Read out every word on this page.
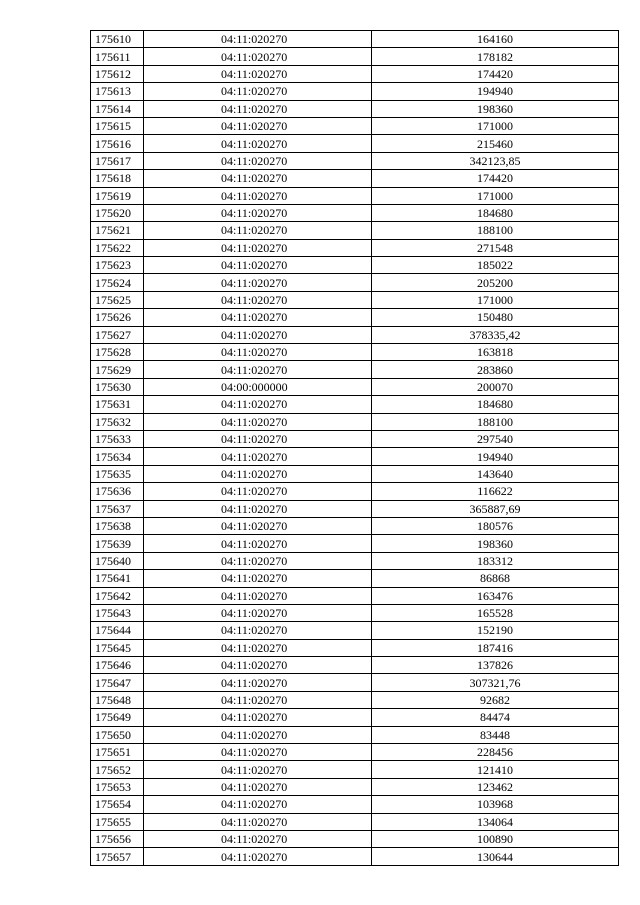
175610	04:11:020270	164160
175611	04:11:020270	178182
175612	04:11:020270	174420
175613	04:11:020270	194940
175614	04:11:020270	198360
175615	04:11:020270	171000
175616	04:11:020270	215460
175617	04:11:020270	342123,85
175618	04:11:020270	174420
175619	04:11:020270	171000
175620	04:11:020270	184680
175621	04:11:020270	188100
175622	04:11:020270	271548
175623	04:11:020270	185022
175624	04:11:020270	205200
175625	04:11:020270	171000
175626	04:11:020270	150480
175627	04:11:020270	378335,42
175628	04:11:020270	163818
175629	04:11:020270	283860
175630	04:00:000000	200070
175631	04:11:020270	184680
175632	04:11:020270	188100
175633	04:11:020270	297540
175634	04:11:020270	194940
175635	04:11:020270	143640
175636	04:11:020270	116622
175637	04:11:020270	365887,69
175638	04:11:020270	180576
175639	04:11:020270	198360
175640	04:11:020270	183312
175641	04:11:020270	86868
175642	04:11:020270	163476
175643	04:11:020270	165528
175644	04:11:020270	152190
175645	04:11:020270	187416
175646	04:11:020270	137826
175647	04:11:020270	307321,76
175648	04:11:020270	92682
175649	04:11:020270	84474
175650	04:11:020270	83448
175651	04:11:020270	228456
175652	04:11:020270	121410
175653	04:11:020270	123462
175654	04:11:020270	103968
175655	04:11:020270	134064
175656	04:11:020270	100890
175657	04:11:020270	130644
